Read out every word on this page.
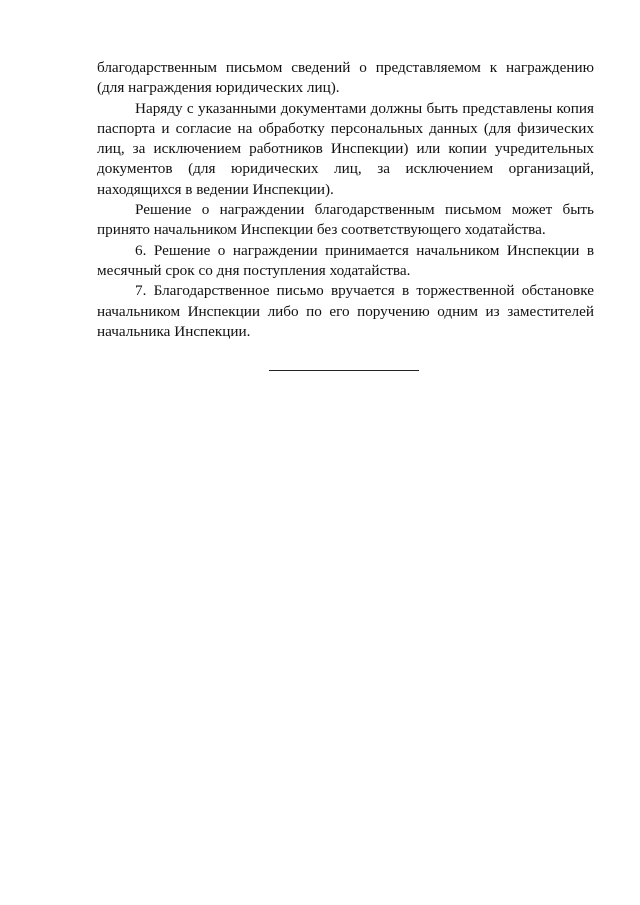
благодарственным письмом сведений о представляемом к награждению
(для награждения юридических лиц).
Наряду с указанными документами должны быть представлены копия
паспорта и согласие на обработку персональных данных (для физических
лиц, за исключением работников Инспекции) или копии учредительных
документов (для юридических лиц, за исключением организаций,
находящихся в ведении Инспекции).
Решение о награждении благодарственным письмом может быть
принято начальником Инспекции без соответствующего ходатайства.
6. Решение о награждении принимается начальником Инспекции в
месячный срок со дня поступления ходатайства.
7. Благодарственное письмо вручается в торжественной обстановке
начальником Инспекции либо по его поручению одним из заместителей
начальника Инспекции.
